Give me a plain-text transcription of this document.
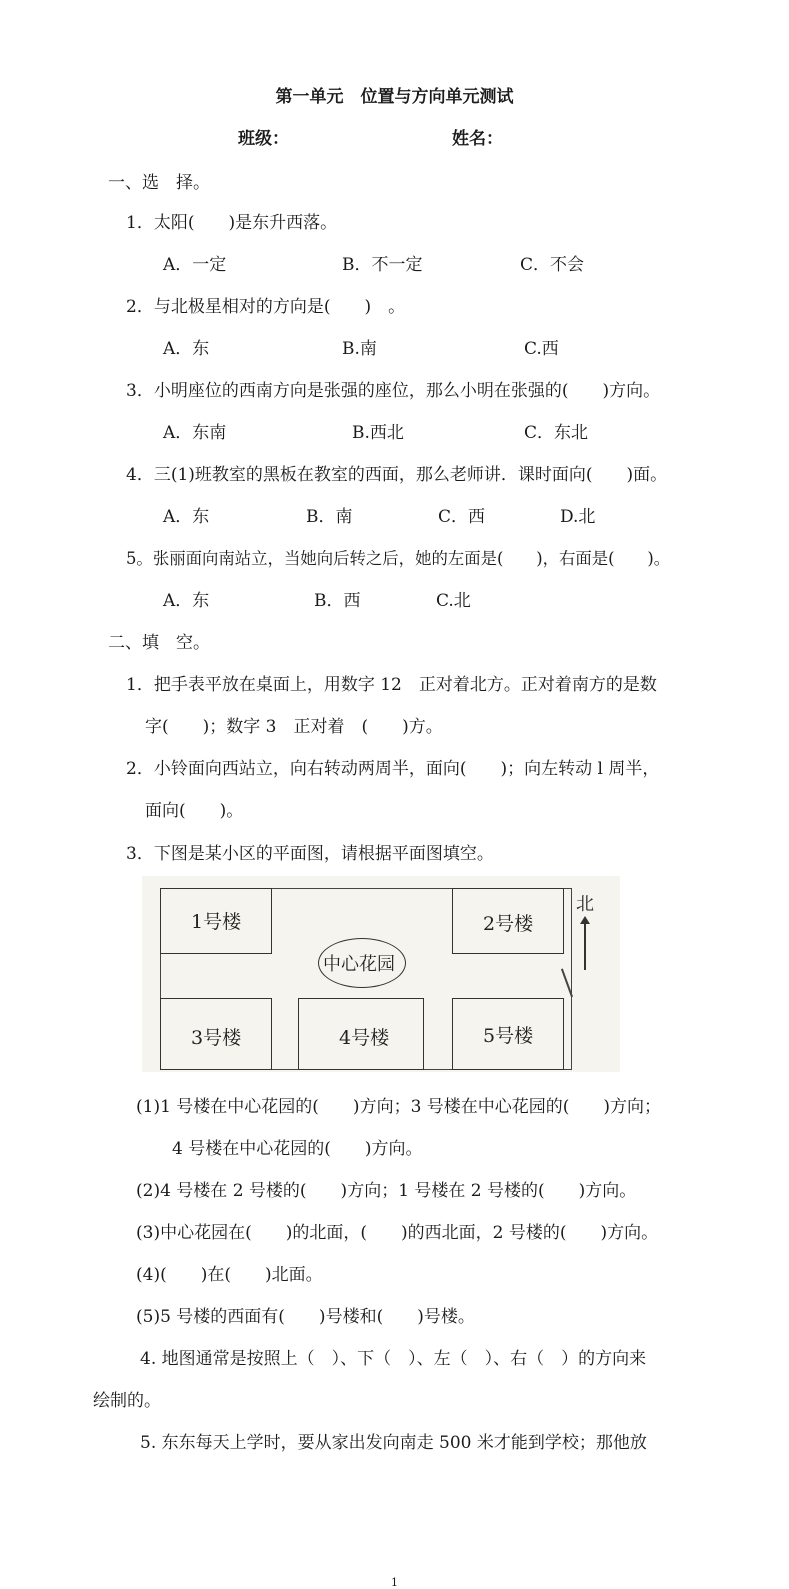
第一单元　位置与方向单元测试
班级：	姓名：
一、选　择。
1．太阳(　　)是东升西落。
A．一定	B．不一定	C．不会
2．与北极星相对的方向是(　　)　。
A．东	B.南	C.西
3．小明座位的西南方向是张强的座位，那么小明在张强的(　　)方向。
A．东南	B.西北	C．东北
4．三(1)班教室的黑板在教室的西面，那么老师讲．课时面向(　　)面。
A．东	B．南	C．西	D.北
5。张丽面向南站立，当她向后转之后，她的左面是(　　)，右面是(　　)。
A．东	B．西	C.北
二、填　空。
1．把手表平放在桌面上，用数字 12　正对着北方。正对着南方的是数
字(　　)；数字 3　正对着　(　　)方。
2．小铃面向西站立，向右转动两周半，面向(　　)；向左转动 l 周半，
面向(　　)。
3．下图是某小区的平面图，请根据平面图填空。
1号楼	2号楼
3号楼	4号楼	5号楼
中心花园
北
(1)1 号楼在中心花园的(　　)方向；3 号楼在中心花园的(　　)方向；
4 号楼在中心花园的(　　)方向。
(2)4 号楼在 2 号楼的(　　)方向；1 号楼在 2 号楼的(　　)方向。
(3)中心花园在(　　)的北面，(　　)的西北面，2 号楼的(　　)方向。
(4)(　　)在(　　)北面。
(5)5 号楼的西面有(　　)号楼和(　　)号楼。
4. 地图通常是按照上（　）、下（　）、左（　）、右（　）的方向来
绘制的。
5. 东东每天上学时，要从家出发向南走 500 米才能到学校；那他放
1
